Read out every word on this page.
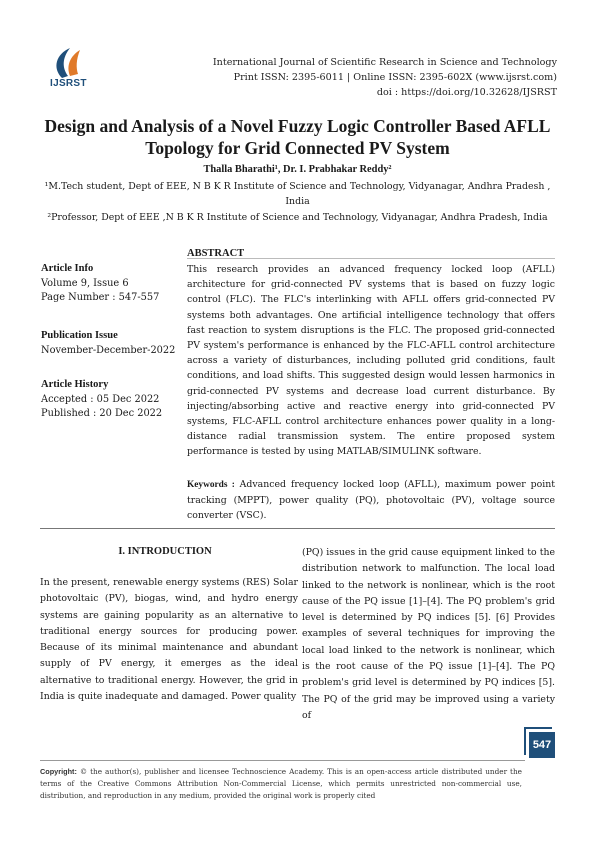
IJSRST
International Journal of Scientific Research in Science and Technology
Print ISSN: 2395-6011 | Online ISSN: 2395-602X (www.ijsrst.com)
doi : https://doi.org/10.32628/IJSRST
Design and Analysis of a Novel Fuzzy Logic Controller Based AFLL Topology for Grid Connected PV System
Thalla Bharathi¹, Dr. I. Prabhakar Reddy²
¹M.Tech student, Dept of EEE, N B K R Institute of Science and Technology, Vidyanagar, Andhra Pradesh ,
India
²Professor, Dept of EEE ,N B K R Institute of Science and Technology, Vidyanagar, Andhra Pradesh, India
Article Info
Volume 9, Issue 6
Page Number : 547-557
Publication Issue
November-December-2022
Article History
Accepted : 05 Dec 2022
Published : 20 Dec 2022
ABSTRACT
This research provides an advanced frequency locked loop (AFLL) architecture for grid-connected PV systems that is based on fuzzy logic control (FLC). The FLC's interlinking with AFLL offers grid-connected PV systems both advantages. One artificial intelligence technology that offers fast reaction to system disruptions is the FLC. The proposed grid-connected PV system's performance is enhanced by the FLC-AFLL control architecture across a variety of disturbances, including polluted grid conditions, fault conditions, and load shifts. This suggested design would lessen harmonics in grid-connected PV systems and decrease load current disturbance. By injecting/absorbing active and reactive energy into grid-connected PV systems, FLC-AFLL control architecture enhances power quality in a long-distance radial transmission system. The entire proposed system performance is tested by using MATLAB/SIMULINK software.
Keywords : Advanced frequency locked loop (AFLL), maximum power point tracking (MPPT), power quality (PQ), photovoltaic (PV), voltage source converter (VSC).
I. INTRODUCTION
In the present, renewable energy systems (RES) Solar photovoltaic (PV), biogas, wind, and hydro energy systems are gaining popularity as an alternative to traditional energy sources for producing power. Because of its minimal maintenance and abundant supply of PV energy, it emerges as the ideal alternative to traditional energy. However, the grid in India is quite inadequate and damaged. Power quality
(PQ) issues in the grid cause equipment linked to the distribution network to malfunction. The local load linked to the network is nonlinear, which is the root cause of the PQ issue [1]–[4]. The PQ problem's grid level is determined by PQ indices [5]. [6] Provides examples of several techniques for improving the local load linked to the network is nonlinear, which is the root cause of the PQ issue [1]–[4]. The PQ problem's grid level is determined by PQ indices [5]. The PQ of the grid may be improved using a variety of
547
Copyright: © the author(s), publisher and licensee Technoscience Academy. This is an open-access article distributed under the terms of the Creative Commons Attribution Non-Commercial License, which permits unrestricted non-commercial use, distribution, and reproduction in any medium, provided the original work is properly cited
